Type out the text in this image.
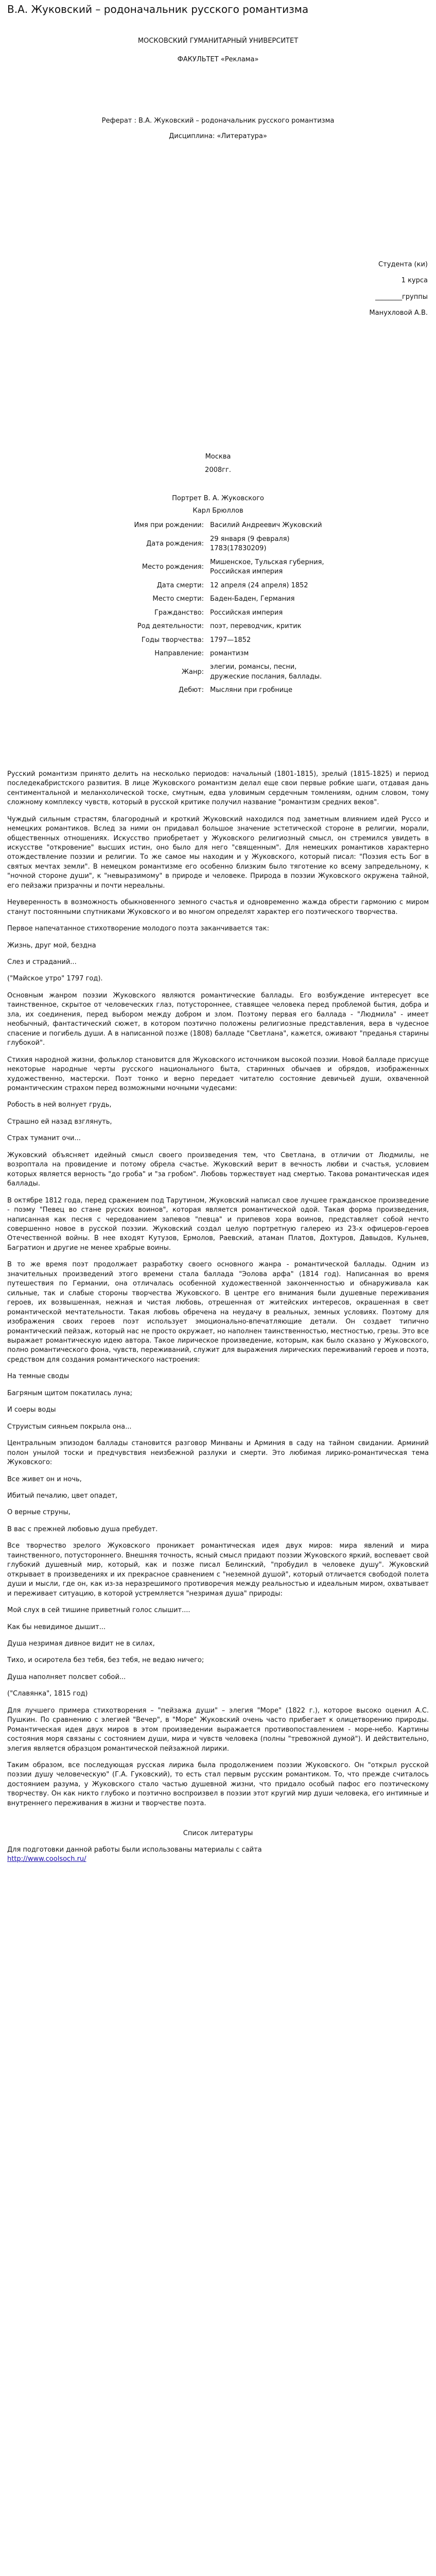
В.А. Жуковский – родоначальник русского романтизма
МОСКОВСКИЙ ГУМАНИТАРНЫЙ УНИВЕРСИТЕТ
ФАКУЛЬТЕТ «Реклама»
Реферат : В.А. Жуковский – родоначальник русского романтизма
Дисциплина: «Литература»
Студента (ки)
1 курса
________группы
Манухловой А.В.
Москва
2008гг.
Портрет В. А. Жуковского
Карл Брюллов
Имя при рождении:	Василий Андреевич Жуковский
Дата рождения:	29 января (9 февраля) 1783(17830209)
Место рождения:	Мишенское, Тульская губерния, Российская империя
Дата смерти:	12 апреля (24 апреля) 1852
Место смерти:	Баден-Баден, Германия
Гражданство:	Российская империя
Род деятельности:	поэт, переводчик, критик
Годы творчества:	1797—1852
Направление:	романтизм
Жанр:	элегии, романсы, песни, дружеские послания, баллады.
Дебют:	Мысляни при гробнице

Русский романтизм принято делить на несколько периодов: начальный (1801-1815), зрелый (1815-1825) и период последекабристского развития. В лице Жуковского романтизм делал еще свои первые робкие шаги, отдавая дань сентиментальной и меланхолической тоске, смутным, едва уловимым сердечным томлениям, одним словом, тому сложному комплексу чувств, который в русской критике получил название "романтизм средних веков".

Чуждый сильным страстям, благородный и кроткий Жуковский находился под заметным влиянием идей Руссо и немецких романтиков. Вслед за ними он придавал большое значение эстетической стороне в религии, морали, общественных отношениях. Искусство приобретает у Жуковского религиозный смысл, он стремился увидеть в искусстве "откровение" высших истин, оно было для него "священным". Для немецких романтиков характерно отождествление поэзии и религии. То же самое мы находим и у Жуковского, который писал: "Поэзия есть Бог в святых мечтах земли". В немецком романтизме его особенно близким было тяготение ко всему запредельному, к "ночной стороне души", к "невыразимому" в природе и человеке. Природа в поэзии Жуковского окружена тайной, его пейзажи призрачны и почти нереальны.

Неуверенность в возможность обыкновенного земного счастья и одновременно жажда обрести гармонию с миром станут постоянными спутниками Жуковского и во многом определят характер его поэтического творчества.

Первое напечатанное стихотворение молодого поэта заканчивается так:

Жизнь, друг мой, бездна

Слез и страданий...

("Майское утро" 1797 год).

Основным жанром поэзии Жуковского являются романтические баллады. Его возбуждение интересует все таинственное, скрытое от человеческих глаз, потустороннее, ставящее человека перед проблемой бытия, добра и зла, их соединения, перед выбором между добром и злом. Поэтому первая его баллада - "Людмила" - имеет необычный, фантастический сюжет, в котором поэтично положены религиозные представления, вера в чудесное спасение и погибель души. А в написанной позже (1808) балладе "Светлана", кажется, оживают "преданья старины глубокой".

Стихия народной жизни, фольклор становится для Жуковского источником высокой поэзии. Новой балладе присуще некоторые народные черты русского национального быта, старинных обычаев и обрядов, изображенных художественно, мастерски. Поэт тонко и верно передает читателю состояние девичьей души, охваченной романтическим страхом перед возможными ночными чудесами:

Робость в ней волнует грудь,

Страшно ей назад взглянуть,

Страх туманит очи...

Жуковский объясняет идейный смысл своего произведения тем, что Светлана, в отличии от Людмилы, не возроптала на провидение и потому обрела счастье. Жуковский верит в вечность любви и счастья, условием которых является верность "до гроба" и "за гробом". Любовь торжествует над смертью. Такова романтическая идея баллады.

В октябре 1812 года, перед сражением под Тарутином, Жуковский написал свое лучшее гражданское произведение - поэму "Певец во стане русских воинов", которая является романтической одой. Такая форма произведения, написанная как песня с чередованием запевов "певца" и припевов хора воинов, представляет собой нечто совершенно новое в русской поэзии. Жуковский создал целую портретную галерею из 23-х офицеров-героев Отечественной войны. В нее входят Кутузов, Ермолов, Раевский, атаман Платов, Дохтуров, Давыдов, Кульнев, Багратион и другие не менее храбрые воины.

В то же время поэт продолжает разработку своего основного жанра - романтической баллады. Одним из значительных произведений этого времени стала баллада "Эолова арфа" (1814 год). Написанная во время путешествия по Германии, она отличалась особенной художественной законченностью и обнаруживала как сильные, так и слабые стороны творчества Жуковского. В центре его внимания были душевные переживания героев, их возвышенная, нежная и чистая любовь, отрешенная от житейских интересов, окрашенная в свет романтической мечтательности. Такая любовь обречена на неудачу в реальных, земных условиях. Поэтому для изображения своих героев поэт использует эмоционально-впечатляющие детали. Он создает типично романтический пейзаж, который нас не просто окружает, но наполнен таинственностью, местностью, грезы. Это все выражает романтическую идею автора. Такое лирическое произведение, которым, как было сказано у Жуковского, полно романтического фона, чувств, переживаний, служит для выражения лирических переживаний героев и поэта, средством для создания романтического настроения:

На темные своды

Багряным щитом покатилась луна;

И соеры воды

Струистым сияньем покрыла она...

Центральным эпизодом баллады становится разговор Минваны и Арминия в саду на тайном свидании. Арминий полон унылой тоски и предчувствия неизбежной разлуки и смерти. Это любимая лирико-романтическая тема Жуковского:

Все живет он и ночь,

Ибитый печалию, цвет опадет,

О верные струны,

В вас с прежней любовью душа пребудет.

Все творчество зрелого Жуковского проникает романтическая идея двух миров: мира явлений и мира таинственного, потустороннего. Внешняя точность, ясный смысл придают поэзии Жуковского яркий, воспевает свой глубокий душевный мир, который, как и позже писал Белинский, "пробудил в человеке душу". Жуковский открывает в произведениях и их прекрасное сравнением с "неземной душой", который отличается свободой полета души и мысли, где он, как из-за неразрешимого противоречия между реальностью и идеальным миром, охватывает и переживает ситуацию, в которой устремляется "незримая душа" природы:

Мой слух в сей тишине приветный голос слышит....

Как бы невидимое дышит...

Душа незримая дивное видит не в силах,

Тихо, и осиротела без тебя, без тебя, не ведаю ничего;

Душа наполняет полсвет собой...

("Славянка", 1815 год)

Для лучшего примера стихотворения – "пейзажа души" – элегия "Море" (1822 г.), которое высоко оценил А.С. Пушкин. По сравнению с элегией "Вечер", в "Море" Жуковский очень часто прибегает к олицетворению природы. Романтическая идея двух миров в этом произведении выражается противопоставлением - море-небо. Картины состояния моря связаны с состоянием души, мира и чувств человека (полны "тревожной думой"). И действительно, элегия является образцом романтической пейзажной лирики.

Таким образом, все последующая русская лирика была продолжением поэзии Жуковского. Он "открыл русской поэзии душу человеческую" (Г.А. Гуковский), то есть стал первым русским романтиком. То, что прежде считалось достоянием разума, у Жуковского стало частью душевной жизни, что придало особый пафос его поэтическому творчеству. Он как никто глубоко и поэтично воспроизвел в поэзии этот кругий мир души человека, его интимные и внутреннего переживания в жизни и творчестве поэта.

Список литературы

Для подготовки данной работы были использованы материалы с сайта
http://www.coolsoch.ru/
